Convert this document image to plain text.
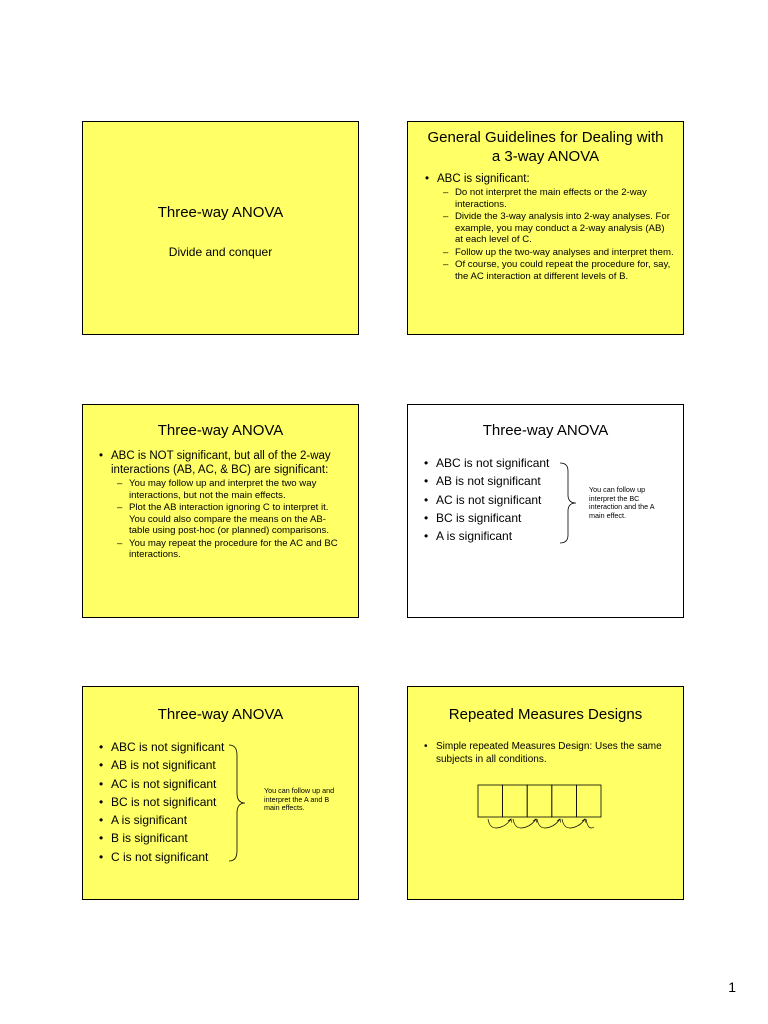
Three-way ANOVA
Divide and conquer
General Guidelines for Dealing with
a 3-way ANOVA
• ABC is significant:
– Do not interpret the main effects or the 2-way interactions.
– Divide the 3-way analysis into 2-way analyses. For example, you may conduct a 2-way analysis (AB) at each level of C.
– Follow up the two-way analyses and interpret them.
– Of course, you could repeat the procedure for, say, the AC interaction at different levels of B.
Three-way ANOVA
• ABC is NOT significant, but all of the 2-way interactions (AB, AC, & BC) are significant:
– You may follow up and interpret the two way interactions, but not the main effects.
– Plot the AB interaction ignoring C to interpret it. You could also compare the means on the AB-table using post-hoc (or planned) comparisons.
– You may repeat the procedure for the AC and BC interactions.
Three-way ANOVA
• ABC is not significant
• AB is not significant
• AC is not significant
• BC is significant
• A is significant
You can follow up interpret the BC interaction and the A main effect.
Three-way ANOVA
• ABC is not significant
• AB is not significant
• AC is not significant
• BC is not significant
• A is significant
• B is significant
• C is not significant
You can follow up and interpret the A and B main effects.
Repeated Measures Designs
• Simple repeated Measures Design: Uses the same subjects in all conditions.
1
